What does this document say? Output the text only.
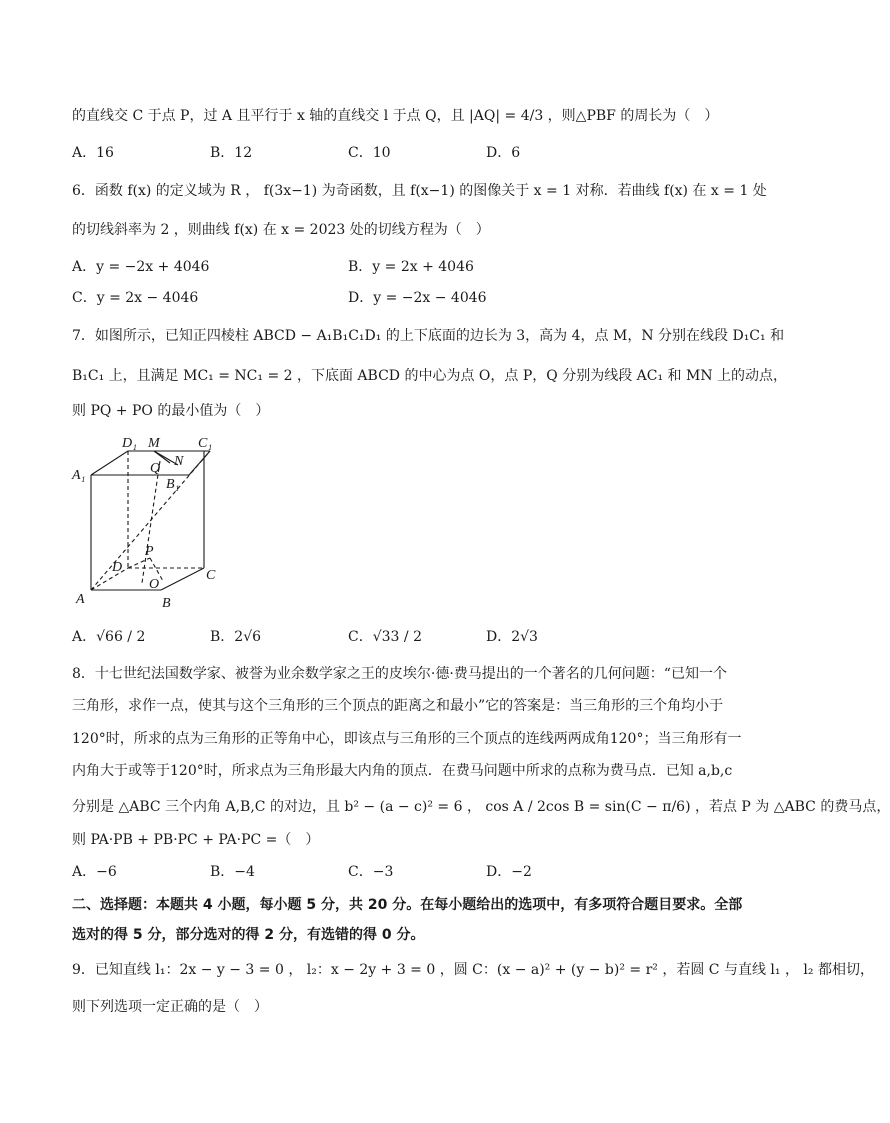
的直线交 C 于点 P，过 A 且平行于 x 轴的直线交 l 于点 Q，且 |AQ| = 4/3 ，则△PBF 的周长为（　）
A．16	B．12	C．10	D．6
6．函数 f(x) 的定义域为 R ， f(3x−1) 为奇函数，且 f(x−1) 的图像关于 x = 1 对称．若曲线 f(x) 在 x = 1 处
的切线斜率为 2 ，则曲线 f(x) 在 x = 2023 处的切线方程为（　）
A．y = −2x + 4046	B．y = 2x + 4046
C．y = 2x − 4046	D．y = −2x − 4046
7．如图所示，已知正四棱柱 ABCD − A₁B₁C₁D₁ 的上下底面的边长为 3，高为 4，点 M，N 分别在线段 D₁C₁ 和
B₁C₁ 上，且满足 MC₁ = NC₁ = 2 ，下底面 ABCD 的中心为点 O，点 P，Q 分别为线段 AC₁ 和 MN 上的动点，
则 PQ + PO 的最小值为（　）
D₁ M	C₁
A₁	Q N
B₁
P
D
C
A
O
B
A．√66 / 2	B．2√6	C．√33 / 2	D．2√3
8．十七世纪法国数学家、被誉为业余数学家之王的皮埃尔·德·费马提出的一个著名的几何问题：“已知一个
三角形，求作一点，使其与这个三角形的三个顶点的距离之和最小”它的答案是：当三角形的三个角均小于
120°时，所求的点为三角形的正等角中心，即该点与三角形的三个顶点的连线两两成角120°；当三角形有一
内角大于或等于120°时，所求点为三角形最大内角的顶点．在费马问题中所求的点称为费马点．已知 a,b,c
分别是 △ABC 三个内角 A,B,C 的对边，且 b² − (a − c)² = 6 ， cos A / 2cos B = sin(C − π/6) ，若点 P 为 △ABC 的费马点，
则 PA·PB + PB·PC + PA·PC =（　）
A．−6	B．−4	C．−3	D．−2
二、选择题：本题共 4 小题，每小题 5 分，共 20 分。在每小题给出的选项中，有多项符合题目要求。全部
选对的得 5 分，部分选对的得 2 分，有选错的得 0 分。
9．已知直线 l₁：2x − y − 3 = 0 ， l₂：x − 2y + 3 = 0 ，圆 C：(x − a)² + (y − b)² = r² ，若圆 C 与直线 l₁ ， l₂ 都相切，
则下列选项一定正确的是（　）
